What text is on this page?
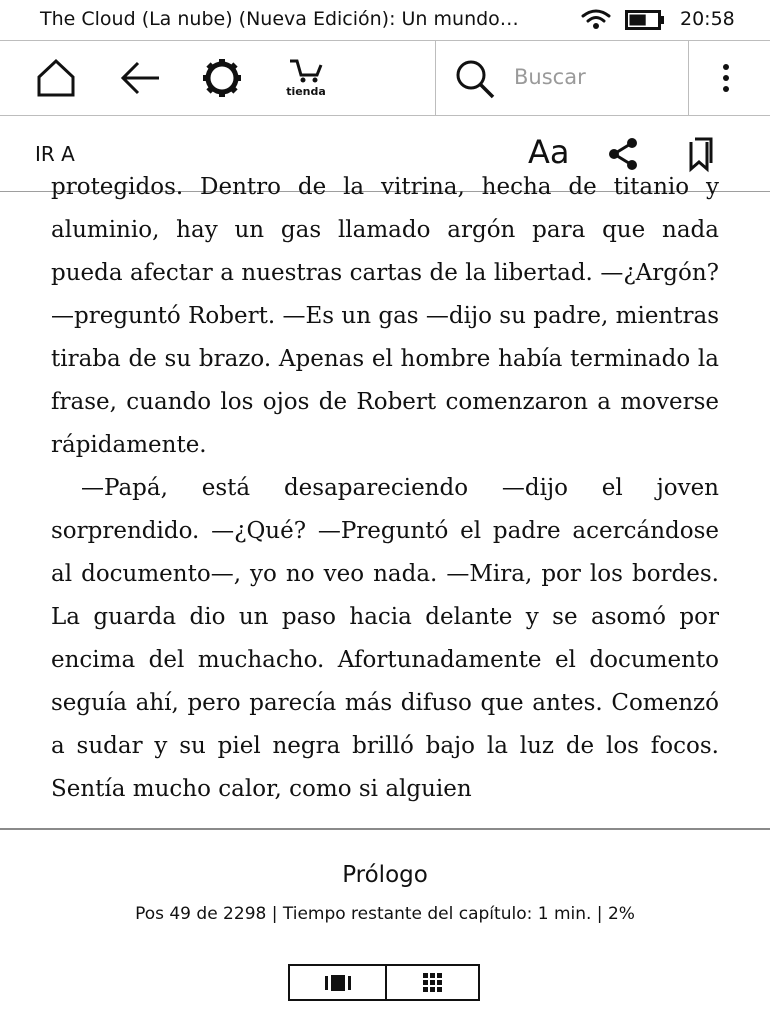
The Cloud (La nube) (Nueva Edición): Un mundo…	20:58
tienda
Buscar
IR A	Aa

protegidos. Dentro de la vitrina, hecha de titanio y aluminio, hay un gas llamado argón para que nada pueda afectar a nuestras cartas de la libertad. —¿Argón? —preguntó Robert. —Es un gas —dijo su padre, mientras tiraba de su brazo. Apenas el hombre había terminado la frase, cuando los ojos de Robert comenzaron a moverse rápidamente.

—Papá, está desapareciendo —dijo el joven sorprendido. —¿Qué? —Preguntó el padre acercándose al documento—, yo no veo nada. —Mira, por los bordes. La guarda dio un paso hacia delante y se asomó por encima del muchacho. Afortunadamente el documento seguía ahí, pero parecía más difuso que antes. Comenzó a sudar y su piel negra brilló bajo la luz de los focos. Sentía mucho calor, como si alguien

Prólogo
Pos 49 de 2298 | Tiempo restante del capítulo: 1 min. | 2%
